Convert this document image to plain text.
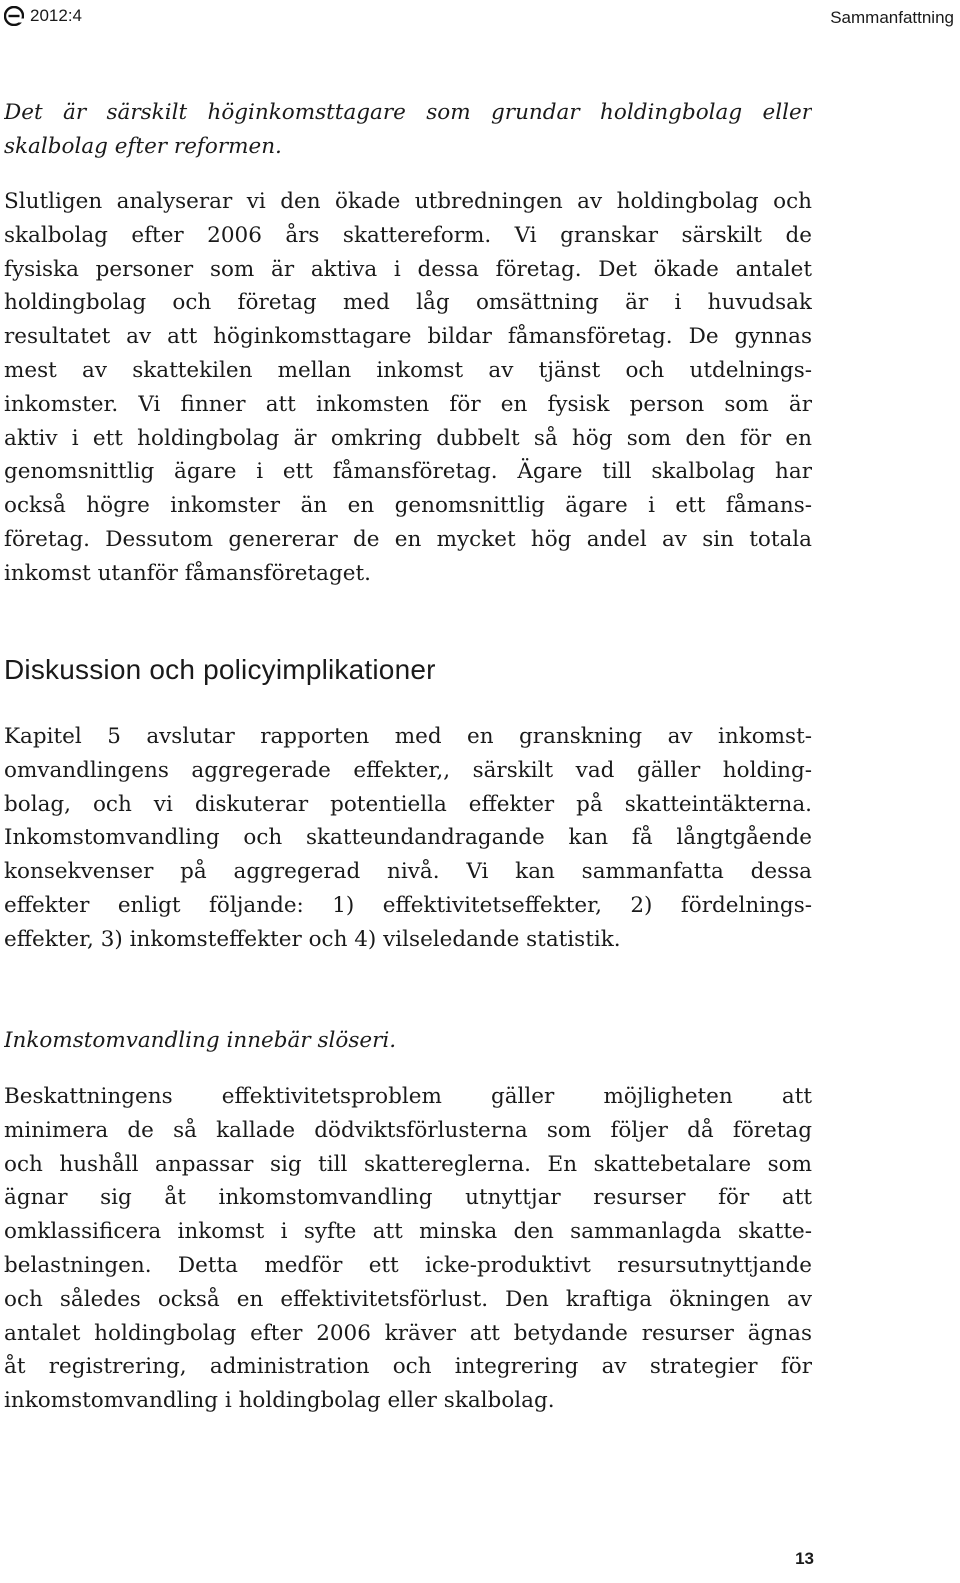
2012:4	Sammanfattning

Det är särskilt höginkomsttagare som grundar holdingbolag eller
skalbolag efter reformen.

Slutligen analyserar vi den ökade utbredningen av holdingbolag och
skalbolag efter 2006 års skattereform. Vi granskar särskilt de
fysiska personer som är aktiva i dessa företag. Det ökade antalet
holdingbolag och företag med låg omsättning är i huvudsak
resultatet av att höginkomsttagare bildar fåmansföretag. De gynnas
mest av skattekilen mellan inkomst av tjänst och utdelnings-
inkomster. Vi finner att inkomsten för en fysisk person som är
aktiv i ett holdingbolag är omkring dubbelt så hög som den för en
genomsnittlig ägare i ett fåmansföretag. Ägare till skalbolag har
också högre inkomster än en genomsnittlig ägare i ett fåmans-
företag. Dessutom genererar de en mycket hög andel av sin totala
inkomst utanför fåmansföretaget.

Diskussion och policyimplikationer

Kapitel 5 avslutar rapporten med en granskning av inkomst-
omvandlingens aggregerade effekter,, särskilt vad gäller holding-
bolag, och vi diskuterar potentiella effekter på skatteintäkterna.
Inkomstomvandling och skatteundandragande kan få långtgående
konsekvenser på aggregerad nivå. Vi kan sammanfatta dessa
effekter enligt följande: 1) effektivitetseffekter, 2) fördelnings-
effekter, 3) inkomsteffekter och 4) vilseledande statistik.

Inkomstomvandling innebär slöseri.

Beskattningens effektivitetsproblem gäller möjligheten att
minimera de så kallade dödviktsförlusterna som följer då företag
och hushåll anpassar sig till skattereglerna. En skattebetalare som
ägnar sig åt inkomstomvandling utnyttjar resurser för att
omklassificera inkomst i syfte att minska den sammanlagda skatte-
belastningen. Detta medför ett icke-produktivt resursutnyttjande
och således också en effektivitetsförlust. Den kraftiga ökningen av
antalet holdingbolag efter 2006 kräver att betydande resurser ägnas
åt registrering, administration och integrering av strategier för
inkomstomvandling i holdingbolag eller skalbolag.

13
